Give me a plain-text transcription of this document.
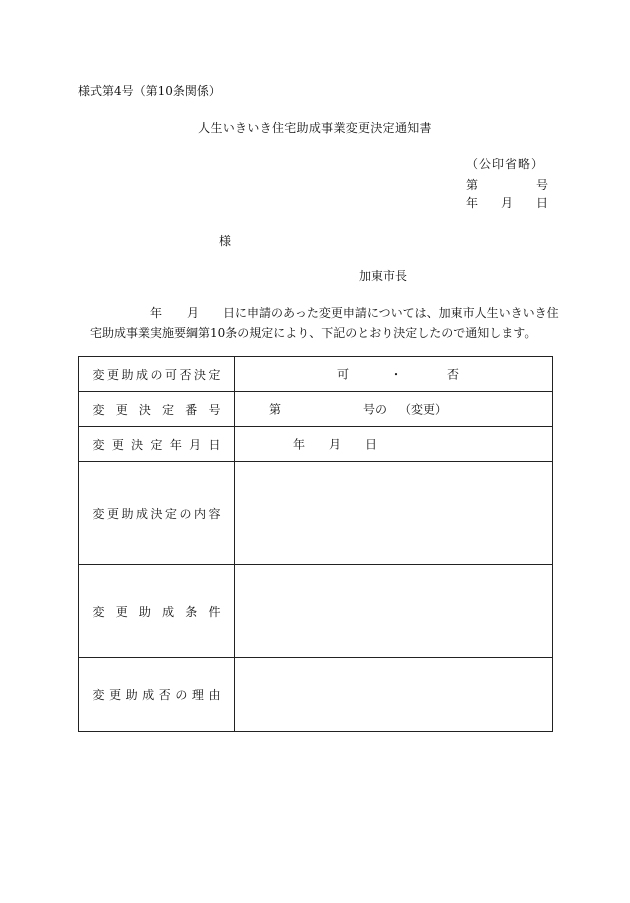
様式第4号（第10条関係）
人生いきいき住宅助成事業変更決定通知書
（公印省略）
第	号
年 月 日
様
加東市長
年 月 日に申請のあった変更申請については、加東市人生いきいき住
宅助成事業実施要綱第10条の規定により、下記のとおり決定したので通知します。
変更助成の可否決定	可 ・ 否

変更決定番号	第 号の （変更）

変更決定年月日	年 月 日

変更助成決定の内容	
変更助成条件	
変更助成否の理由	
